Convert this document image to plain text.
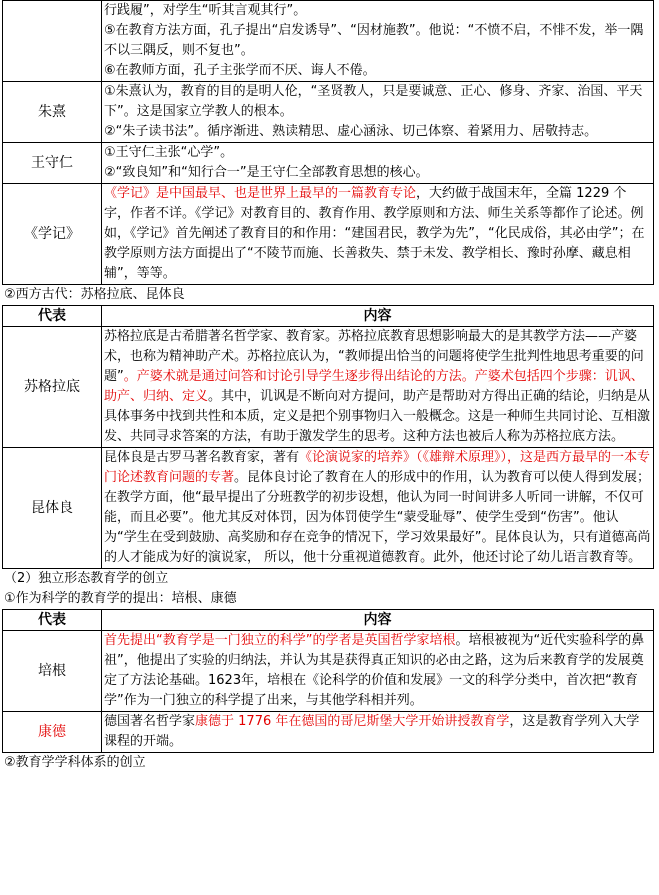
	行践履”，对学生“听其言观其行”。
⑤在教育方法方面，孔子提出“启发诱导”、“因材施教”。他说：“不愤不启，不悱不发，举一隅不以三隅反，则不复也”。
⑥在教师方面，孔子主张学而不厌、诲人不倦。

朱熹	①朱熹认为，教育的目的是明人伦，“圣贤教人，只是要诚意、正心、修身、齐家、治国、平天下”。这是国家立学教人的根本。
②“朱子读书法”。循序渐进、熟读精思、虚心涵泳、切己体察、着紧用力、居敬持志。

王守仁	①王守仁主张“心学”。
②“致良知”和“知行合一”是王守仁全部教育思想的核心。

《学记》	《学记》是中国最早、也是世界上最早的一篇教育专论，大约做于战国末年，全篇 1229 个字，作者不详。《学记》对教育目的、教育作用、教学原则和方法、师生关系等都作了论述。例如，《学记》首先阐述了教育目的和作用：“建国君民，教学为先”，“化民成俗，其必由学”；在教学原则方法方面提出了“不陵节而施、长善救失、禁于未发、教学相长、豫时孙摩、藏息相辅”，等等。
②西方古代：苏格拉底、昆体良
代表	内容
苏格拉底	苏格拉底是古希腊著名哲学家、教育家。苏格拉底教育思想影响最大的是其教学方法——产婆术，也称为精神助产术。苏格拉底认为，“教师提出恰当的问题将使学生批判性地思考重要的问题”。产婆术就是通过问答和讨论引导学生逐步得出结论的方法。产婆术包括四个步骤：讥讽、助产、归纳、定义。其中，讥讽是不断向对方提问，助产是帮助对方得出正确的结论，归纳是从具体事务中找到共性和本质，定义是把个别事物归入一般概念。这是一种师生共同讨论、互相激发、共同寻求答案的方法，有助于激发学生的思考。这种方法也被后人称为苏格拉底方法。
昆体良	昆体良是古罗马著名教育家，著有《论演说家的培养》（《雄辩术原理》），这是西方最早的一本专门论述教育问题的专著。昆体良讨论了教育在人的形成中的作用，认为教育可以使人得到发展；在教学方面，他“最早提出了分班教学的初步设想，他认为同一时间讲多人听同一讲解，不仅可能，而且必要”。他尤其反对体罚，因为体罚使学生“蒙受耻辱”、使学生受到“伤害”。他认为“学生在受到鼓励、高奖励和存在竞争的情况下，学习效果最好”。昆体良认为，只有道德高尚的人才能成为好的演说家， 所以，他十分重视道德教育。此外，他还讨论了幼儿语言教育等。
（2）独立形态教育学的创立
①作为科学的教育学的提出：培根、康德
代表	内容
培根	首先提出“教育学是一门独立的科学”的学者是英国哲学家培根。培根被视为“近代实验科学的鼻祖”，他提出了实验的归纳法，并认为其是获得真正知识的必由之路，这为后来教育学的发展奠定了方法论基础。1623年，培根在《论科学的价值和发展》一文的科学分类中，首次把“教育学”作为一门独立的科学提了出来，与其他学科相并列。
康德	德国著名哲学家康德于 1776 年在德国的哥尼斯堡大学开始讲授教育学，这是教育学列入大学课程的开端。
②教育学学科体系的创立
